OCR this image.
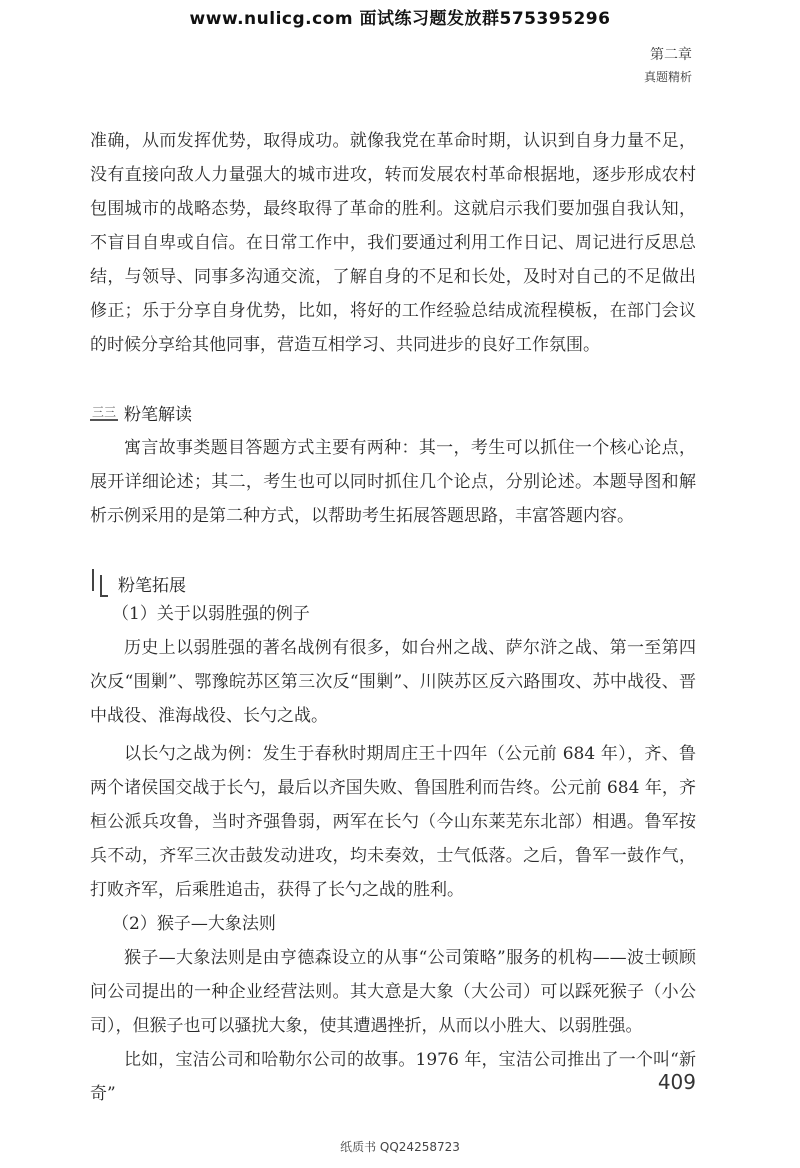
www.nulicg.com 面试练习题发放群575395296
第二章
真题精析

准确，从而发挥优势，取得成功。就像我党在革命时期，认识到自身力量不足，没有直接向敌人力量强大的城市进攻，转而发展农村革命根据地，逐步形成农村包围城市的战略态势，最终取得了革命的胜利。这就启示我们要加强自我认知，不盲目自卑或自信。在日常工作中，我们要通过利用工作日记、周记进行反思总结，与领导、同事多沟通交流，了解自身的不足和长处，及时对自己的不足做出修正；乐于分享自身优势，比如，将好的工作经验总结成流程模板，在部门会议的时候分享给其他同事，营造互相学习、共同进步的良好工作氛围。

三三 粉笔解读

寓言故事类题目答题方式主要有两种：其一，考生可以抓住一个核心论点，展开详细论述；其二，考生也可以同时抓住几个论点，分别论述。本题导图和解析示例采用的是第二种方式，以帮助考生拓展答题思路，丰富答题内容。

粉笔拓展
（1）关于以弱胜强的例子

历史上以弱胜强的著名战例有很多，如台州之战、萨尔浒之战、第一至第四次反“围剿”、鄂豫皖苏区第三次反“围剿”、川陕苏区反六路围攻、苏中战役、晋中战役、淮海战役、长勺之战。

以长勺之战为例：发生于春秋时期周庄王十四年（公元前 684 年），齐、鲁两个诸侯国交战于长勺，最后以齐国失败、鲁国胜利而告终。公元前 684 年，齐桓公派兵攻鲁，当时齐强鲁弱，两军在长勺（今山东莱芜东北部）相遇。鲁军按兵不动，齐军三次击鼓发动进攻，均未奏效，士气低落。之后，鲁军一鼓作气，打败齐军，后乘胜追击，获得了长勺之战的胜利。

（2）猴子—大象法则

猴子—大象法则是由亨德森设立的从事“公司策略”服务的机构——波士顿顾问公司提出的一种企业经营法则。其大意是大象（大公司）可以踩死猴子（小公司），但猴子也可以骚扰大象，使其遭遇挫折，从而以小胜大、以弱胜强。

比如，宝洁公司和哈勒尔公司的故事。1976 年，宝洁公司推出了一个叫“新奇”	409
纸质书 QQ24258723
